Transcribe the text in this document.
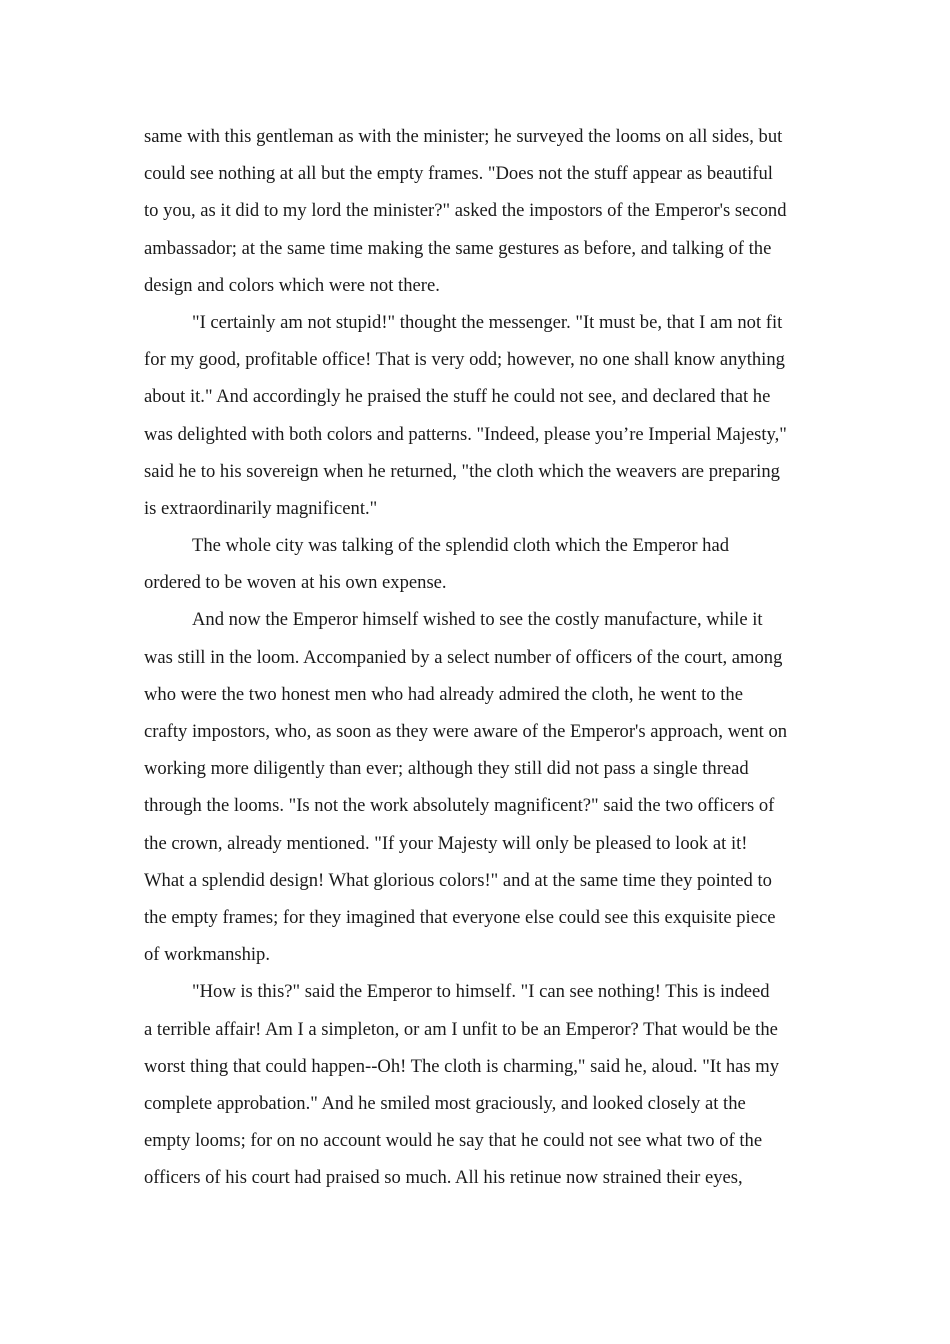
same with this gentleman as with the minister; he surveyed the looms on all sides, but
could see nothing at all but the empty frames. "Does not the stuff appear as beautiful
to you, as it did to my lord the minister?" asked the impostors of the Emperor's second
ambassador; at the same time making the same gestures as before, and talking of the
design and colors which were not there.
"I certainly am not stupid!" thought the messenger. "It must be, that I am not fit
for my good, profitable office! That is very odd; however, no one shall know anything
about it." And accordingly he praised the stuff he could not see, and declared that he
was delighted with both colors and patterns. "Indeed, please you’re Imperial Majesty,"
said he to his sovereign when he returned, "the cloth which the weavers are preparing
is extraordinarily magnificent."
The whole city was talking of the splendid cloth which the Emperor had
ordered to be woven at his own expense.
And now the Emperor himself wished to see the costly manufacture, while it
was still in the loom. Accompanied by a select number of officers of the court, among
who were the two honest men who had already admired the cloth, he went to the
crafty impostors, who, as soon as they were aware of the Emperor's approach, went on
working more diligently than ever; although they still did not pass a single thread
through the looms. "Is not the work absolutely magnificent?" said the two officers of
the crown, already mentioned. "If your Majesty will only be pleased to look at it!
What a splendid design! What glorious colors!" and at the same time they pointed to
the empty frames; for they imagined that everyone else could see this exquisite piece
of workmanship.
"How is this?" said the Emperor to himself. "I can see nothing! This is indeed
a terrible affair! Am I a simpleton, or am I unfit to be an Emperor? That would be the
worst thing that could happen--Oh! The cloth is charming," said he, aloud. "It has my
complete approbation." And he smiled most graciously, and looked closely at the
empty looms; for on no account would he say that he could not see what two of the
officers of his court had praised so much. All his retinue now strained their eyes,
